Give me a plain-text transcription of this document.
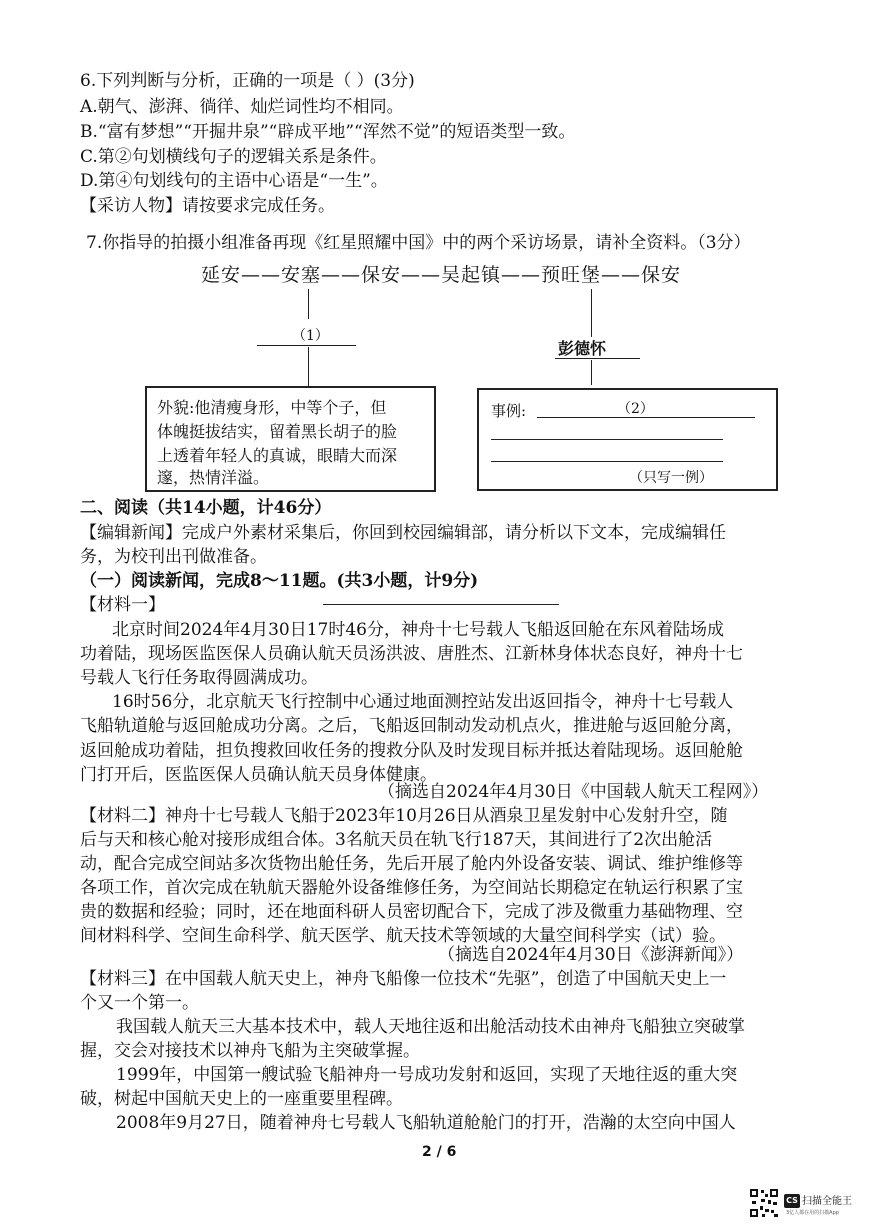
6.下列判断与分析，正确的一项是（ ）(3分)
A.朝气、澎湃、徜徉、灿烂词性均不相同。
B.“富有梦想”“开掘井泉”“辟成平地”“浑然不觉”的短语类型一致。
C.第②句划横线句子的逻辑关系是条件。
D.第④句划线句的主语中心语是“一生”。
【采访人物】请按要求完成任务。
7.你指导的拍摄小组准备再现《红星照耀中国》中的两个采访场景，请补全资料。（3分）
延安——安塞——保安——吴起镇——预旺堡——保安
（1）
彭德怀
外貌:他清瘦身形，中等个子，但
体魄挺拔结实，留着黑长胡子的脸
上透着年轻人的真诚，眼睛大而深
邃，热情洋溢。
事例:	（2）
（只写一例）
二、阅读（共14小题，计46分）
【编辑新闻】完成户外素材采集后，你回到校园编辑部，请分析以下文本，完成编辑任
务，为校刊出刊做准备。
（一）阅读新闻，完成8～11题。(共3小题，计9分)
【材料一】
北京时间2024年4月30日17时46分，神舟十七号载人飞船返回舱在东风着陆场成
功着陆，现场医监医保人员确认航天员汤洪波、唐胜杰、江新林身体状态良好，神舟十七
号载人飞行任务取得圆满成功。
16时56分，北京航天飞行控制中心通过地面测控站发出返回指令，神舟十七号载人
飞船轨道舱与返回舱成功分离。之后，飞船返回制动发动机点火，推进舱与返回舱分离，
返回舱成功着陆，担负搜救回收任务的搜救分队及时发现目标并抵达着陆现场。返回舱舱
门打开后，医监医保人员确认航天员身体健康。
（摘选自2024年4月30日《中国载人航天工程网》）
【材料二】神舟十七号载人飞船于2023年10月26日从酒泉卫星发射中心发射升空，随
后与天和核心舱对接形成组合体。3名航天员在轨飞行187天，其间进行了2次出舱活
动，配合完成空间站多次货物出舱任务，先后开展了舱内外设备安装、调试、维护维修等
各项工作，首次完成在轨航天器舱外设备维修任务，为空间站长期稳定在轨运行积累了宝
贵的数据和经验；同时，还在地面科研人员密切配合下，完成了涉及微重力基础物理、空
间材料科学、空间生命科学、航天医学、航天技术等领域的大量空间科学实（试）验。
（摘选自2024年4月30日《澎湃新闻》）
【材料三】在中国载人航天史上，神舟飞船像一位技术“先驱”，创造了中国航天史上一
个又一个第一。
我国载人航天三大基本技术中，载人天地往返和出舱活动技术由神舟飞船独立突破掌
握，交会对接技术以神舟飞船为主突破掌握。
1999年，中国第一艘试验飞船神舟一号成功发射和返回，实现了天地往返的重大突
破，树起中国航天史上的一座重要里程碑。
2008年9月27日，随着神舟七号载人飞船轨道舱舱门的打开，浩瀚的太空向中国人
2 / 6
CS 扫描全能王
3亿人都在用的扫描App
